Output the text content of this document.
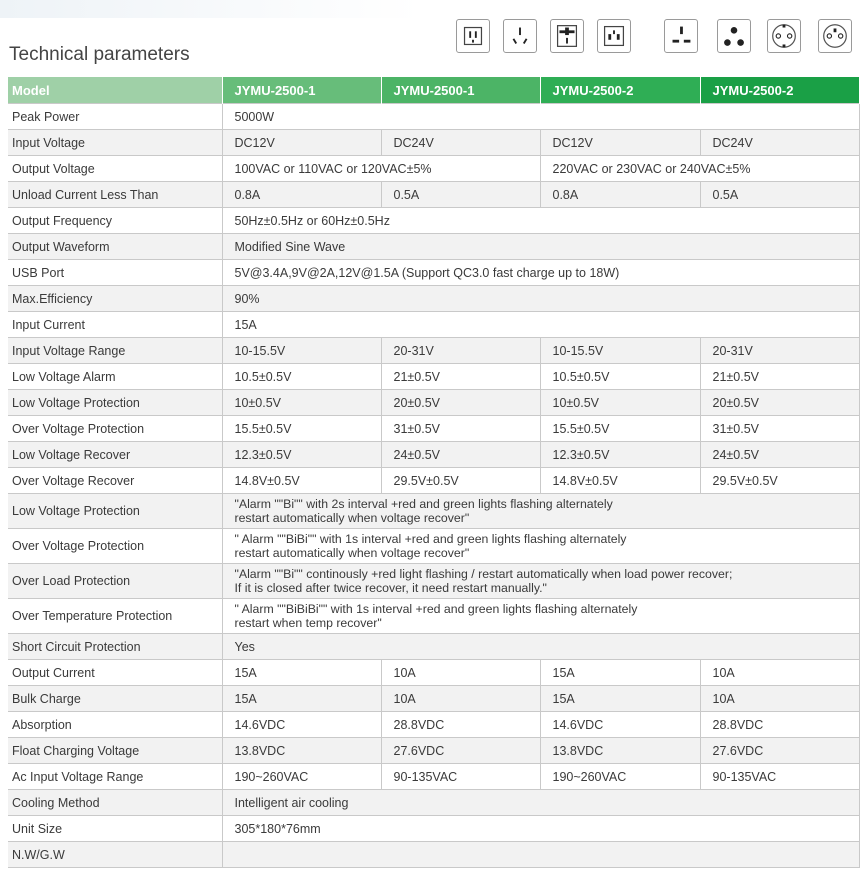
Technical parameters
Model	JYMU-2500-1	JYMU-2500-1	JYMU-2500-2	JYMU-2500-2
Peak Power	5000W			

Input Voltage	DC12V	DC24V	DC12V	DC24V
Output Voltage	100VAC or 110VAC or 120VAC±5%		220VAC or 230VAC or 240VAC±5%	
Unload Current Less Than	0.8A	0.5A	0.8A	0.5A
Output Frequency	50Hz±0.5Hz or 60Hz±0.5Hz			

Output Waveform	Modified Sine Wave			

USB Port	5V@3.4A,9V@2A,12V@1.5A (Support QC3.0 fast charge up to 18W)			

Max.Efficiency	90%			

Input Current	15A			

Input Voltage Range	10-15.5V	20-31V	10-15.5V	20-31V
Low Voltage Alarm	10.5±0.5V	21±0.5V	10.5±0.5V	21±0.5V
Low Voltage Protection	10±0.5V	20±0.5V	10±0.5V	20±0.5V
Over Voltage Protection	15.5±0.5V	31±0.5V	15.5±0.5V	31±0.5V
Low Voltage Recover	12.3±0.5V	24±0.5V	12.3±0.5V	24±0.5V
Over Voltage Recover	14.8V±0.5V	29.5V±0.5V	14.8V±0.5V	29.5V±0.5V
Low Voltage Protection	"Alarm ""Bi"" with 2s interval +red and green lights flashing alternately
restart automatically when voltage recover"			

Over Voltage Protection	" Alarm ""BiBi"" with 1s interval +red and green lights flashing alternately
restart automatically when voltage recover"			

Over Load Protection	"Alarm ""Bi"" continously +red light flashing / restart automatically when load power recover;
If it is closed after twice recover, it need restart manually."			

Over Temperature Protection	" Alarm ""BiBiBi"" with 1s interval +red and green lights flashing alternately
restart when temp recover"			

Short Circuit Protection	Yes			

Output Current	15A	10A	15A	10A
Bulk Charge	15A	10A	15A	10A
Absorption	14.6VDC	28.8VDC	14.6VDC	28.8VDC
Float Charging Voltage	13.8VDC	27.6VDC	13.8VDC	27.6VDC
Ac Input Voltage Range	190~260VAC	90-135VAC	190~260VAC	90-135VAC
Cooling Method	Intelligent air cooling			

Unit Size	305*180*76mm			

N.W/G.W				
